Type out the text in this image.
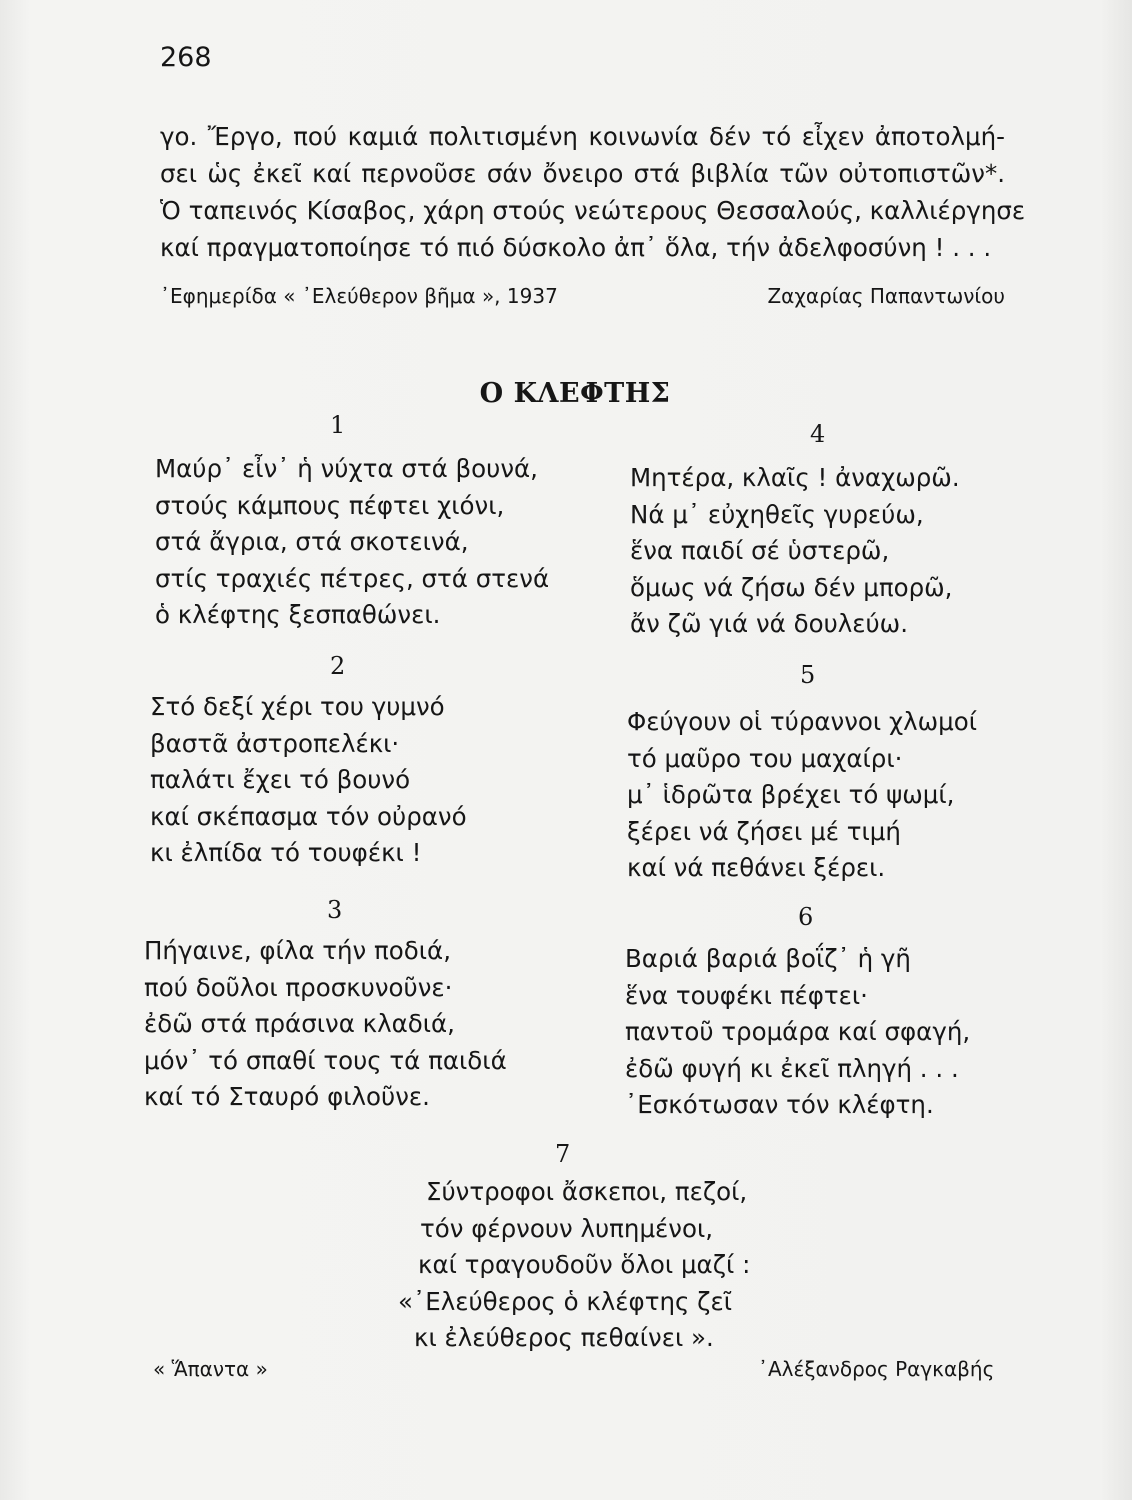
268
γο. Ἔργο, πού καμιά πολιτισμένη κοινωνία δέν τό εἶχεν ἀποτολμή-
σει ὡς ἐκεῖ καί περνοῦσε σάν ὄνειρο στά βιβλία τῶν οὐτοπιστῶν*.
Ὁ ταπεινός Κίσαβος, χάρη στούς νεώτερους Θεσσαλούς, καλλιέργησε
καί πραγματοποίησε τό πιό δύσκολο ἀπ᾽ ὅλα, τήν ἀδελφοσύνη ! . . .
᾽Εφημερίδα « ᾽Ελεύθερον βῆμα », 1937	Ζαχαρίας Παπαντωνίου
Ο ΚΛΕΦΤΗΣ
1
Μαύρ᾽ εἶν᾽ ἡ νύχτα στά βουνά,
στούς κάμπους πέφτει χιόνι,
στά ἄγρια, στά σκοτεινά,
στίς τραχιές πέτρες, στά στενά
ὁ κλέφτης ξεσπαθώνει.
2
Στό δεξί χέρι του γυμνό
βαστᾶ ἀστροπελέκι·
παλάτι ἔχει τό βουνό
καί σκέπασμα τόν οὐρανό
κι ἐλπίδα τό τουφέκι !
3
Πήγαινε, φίλα τήν ποδιά,
πού δοῦλοι προσκυνοῦνε·
ἐδῶ στά πράσινα κλαδιά,
μόν᾽ τό σπαθί τους τά παιδιά
καί τό Σταυρό φιλοῦνε.
4
Μητέρα, κλαῖς ! ἀναχωρῶ.
Νά μ᾽ εὐχηθεῖς γυρεύω,
ἕνα παιδί σέ ὑστερῶ,
ὅμως νά ζήσω δέν μπορῶ,
ἄν ζῶ γιά νά δουλεύω.
5
Φεύγουν οἱ τύραννοι χλωμοί
τό μαῦρο του μαχαίρι·
μ᾽ ἱδρῶτα βρέχει τό ψωμί,
ξέρει νά ζήσει μέ τιμή
καί νά πεθάνει ξέρει.
6
Βαριά βαριά βοΐζ᾽ ἡ γῆ
ἕνα τουφέκι πέφτει·
παντοῦ τρομάρα καί σφαγή,
ἐδῶ φυγή κι ἐκεῖ πληγή . . .
᾽Εσκότωσαν τόν κλέφτη.
7
Σύντροφοι ἄσκεποι, πεζοί,
τόν φέρνουν λυπημένοι,
καί τραγουδοῦν ὅλοι μαζί :
«᾽Ελεύθερος ὁ κλέφτης ζεῖ
κι ἐλεύθερος πεθαίνει ».
« Ἅπαντα »	᾽Αλέξανδρος Ραγκαβής
